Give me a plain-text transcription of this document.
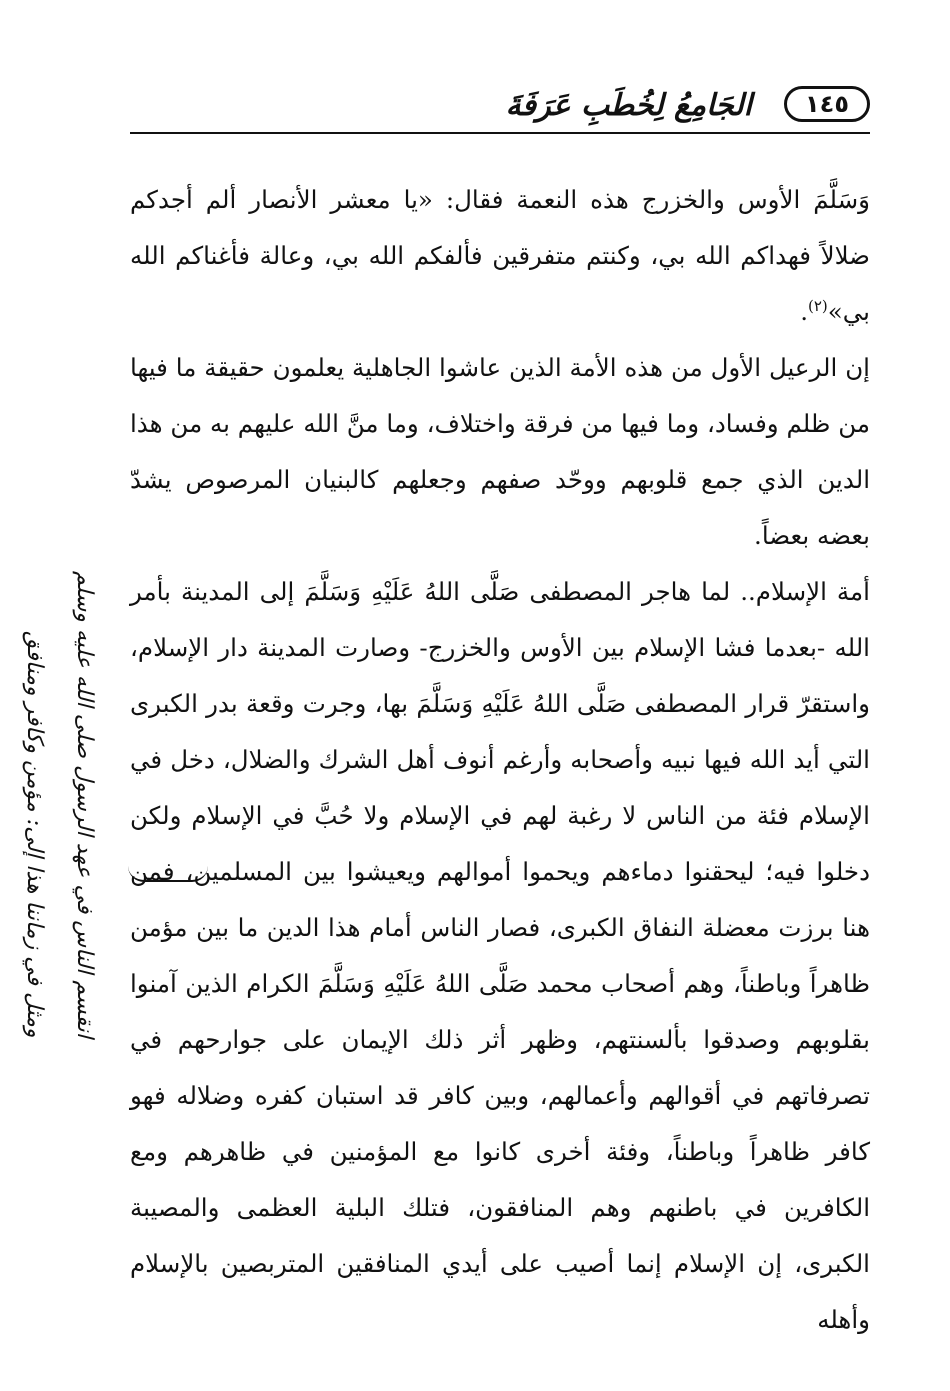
١٤٥
الجَامِعُ لِخُطَبِ عَرَفَةَ

وَسَلَّمَ الأوس والخزرج هذه النعمة فقال: «يا معشر الأنصار ألم أجدكم ضلالاً فهداكم الله بي، وكنتم متفرقين فألفكم الله بي، وعالة فأغناكم الله بي»$^{(٢)}$.

إن الرعيل الأول من هذه الأمة الذين عاشوا الجاهلية يعلمون حقيقة ما فيها من ظلم وفساد، وما فيها من فرقة واختلاف، وما منَّ الله عليهم به من هذا الدين الذي جمع قلوبهم ووحّد صفهم وجعلهم كالبنيان المرصوص يشدّ بعضه بعضاً.

أمة الإسلام.. لما هاجر المصطفى صَلَّى اللهُ عَلَيْهِ وَسَلَّمَ إلى المدينة بأمر الله -بعدما فشا الإسلام بين الأوس والخزرج- وصارت المدينة دار الإسلام، واستقرّ قرار المصطفى صَلَّى اللهُ عَلَيْهِ وَسَلَّمَ بها، وجرت وقعة بدر الكبرى التي أيد الله فيها نبيه وأصحابه وأرغم أنوف أهل الشرك والضلال، دخل في الإسلام فئة من الناس لا رغبة لهم في الإسلام ولا حُبَّ في الإسلام ولكن دخلوا فيه؛ ليحقنوا دماءهم ويحموا أموالهم ويعيشوا بين المسلمين، فمن هنا برزت معضلة النفاق الكبرى، فصار الناس أمام هذا الدين ما بين مؤمن ظاهراً وباطناً، وهم أصحاب محمد صَلَّى اللهُ عَلَيْهِ وَسَلَّمَ الكرام الذين آمنوا بقلوبهم وصدقوا بألسنتهم، وظهر أثر ذلك الإيمان على جوارحهم في تصرفاتهم في أقوالهم وأعمالهم، وبين كافر قد استبان كفره وضلاله فهو كافر ظاهراً وباطناً، وفئة أخرى كانوا مع المؤمنين في ظاهرهم ومع الكافرين في باطنهم وهم المنافقون، فتلك البلية العظمى والمصيبة الكبرى، إن الإسلام إنما أصيب على أيدي المنافقين المتربصين بالإسلام وأهله

انقسم الناس في عهد الرسول صلى الله عليه وسلم
ومثل في زماننا هذا إلى: مؤمن وكافر ومنافق
